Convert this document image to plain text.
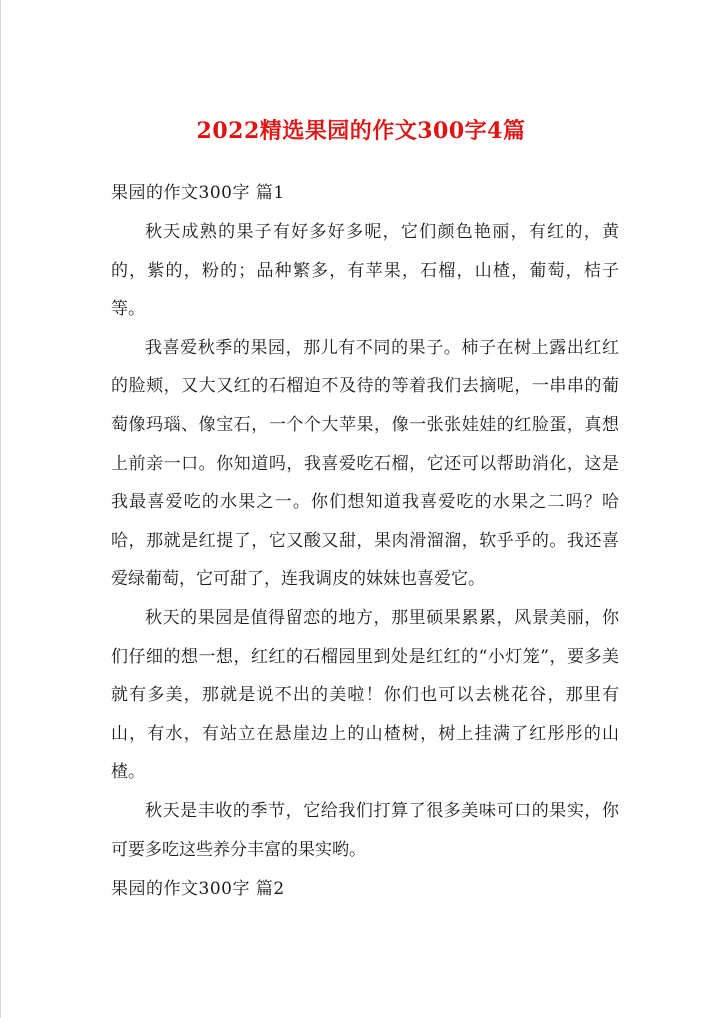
2022精选果园的作文300字4篇

果园的作文300字 篇1

秋天成熟的果子有好多好多呢，它们颜色艳丽，有红的，黄的，紫的，粉的；品种繁多，有苹果，石榴，山楂，葡萄，桔子等。

我喜爱秋季的果园，那儿有不同的果子。柿子在树上露出红红的脸颊，又大又红的石榴迫不及待的等着我们去摘呢，一串串的葡萄像玛瑙、像宝石，一个个大苹果，像一张张娃娃的红脸蛋，真想上前亲一口。你知道吗，我喜爱吃石榴，它还可以帮助消化，这是我最喜爱吃的水果之一。你们想知道我喜爱吃的水果之二吗？哈哈，那就是红提了，它又酸又甜，果肉滑溜溜，软乎乎的。我还喜爱绿葡萄，它可甜了，连我调皮的妹妹也喜爱它。

秋天的果园是值得留恋的地方，那里硕果累累，风景美丽，你们仔细的想一想，红红的石榴园里到处是红红的“小灯笼”，要多美就有多美，那就是说不出的美啦！你们也可以去桃花谷，那里有山，有水，有站立在悬崖边上的山楂树，树上挂满了红彤彤的山楂。

秋天是丰收的季节，它给我们打算了很多美味可口的果实，你可要多吃这些养分丰富的果实哟。

果园的作文300字 篇2
